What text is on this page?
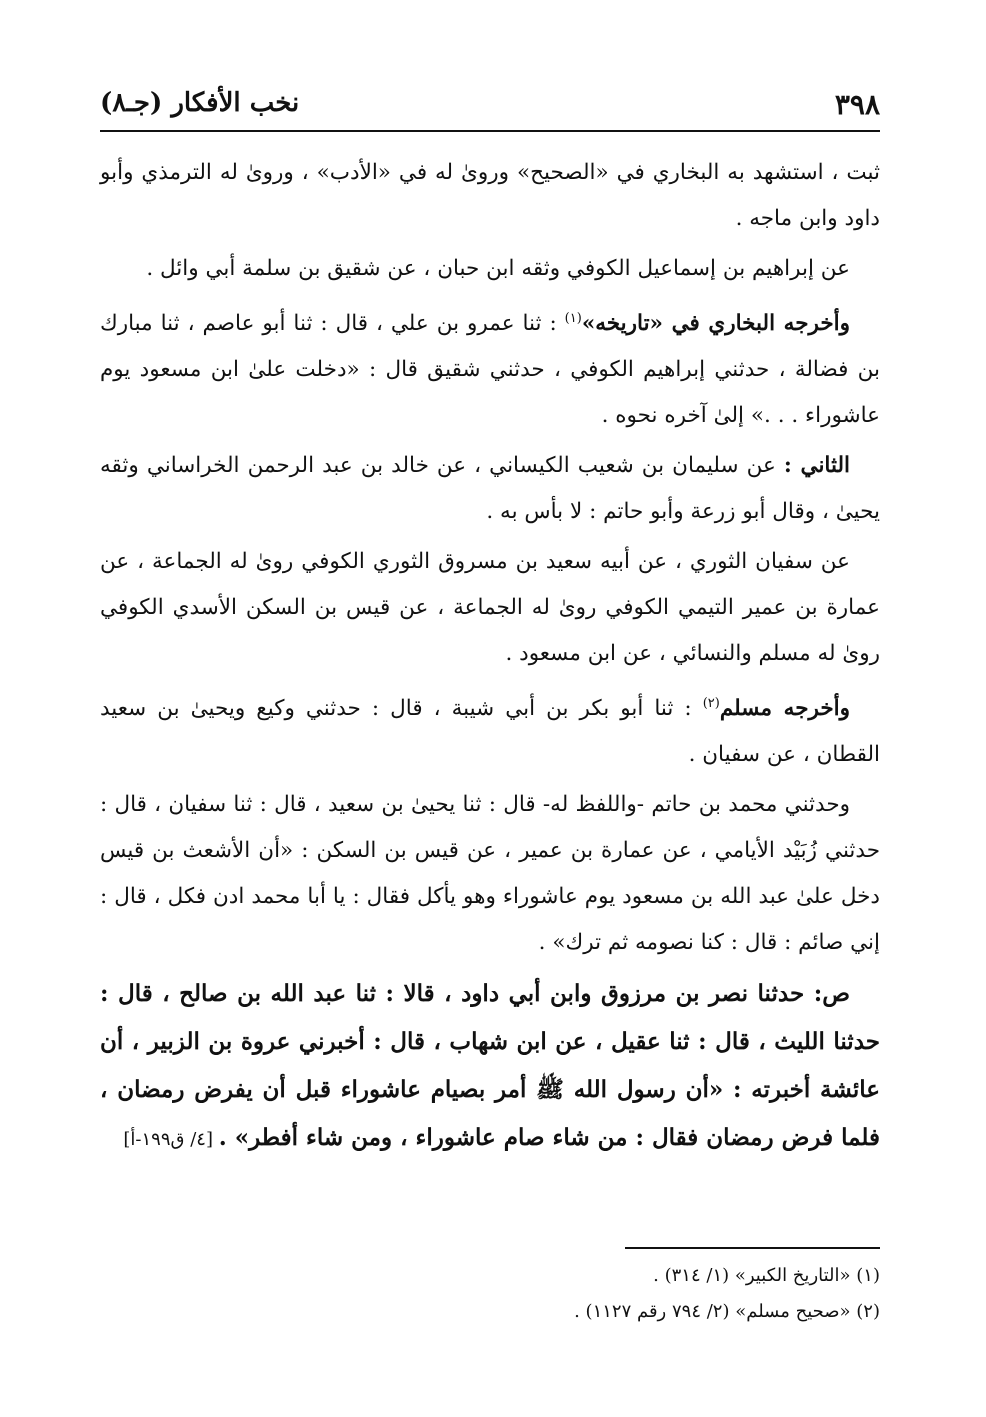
٣٩٨
نخب الأفكار (جـ٨)

ثبت ، استشهد به البخاري في «الصحيح» وروىٰ له في «الأدب» ، وروىٰ له الترمذي وأبو داود وابن ماجه .

عن إبراهيم بن إسماعيل الكوفي وثقه ابن حبان ، عن شقيق بن سلمة أبي وائل .

وأخرجه البخاري في «تاريخه»$^{(١)}$ : ثنا عمرو بن علي ، قال : ثنا أبو عاصم ، ثنا مبارك بن فضالة ، حدثني إبراهيم الكوفي ، حدثني شقيق قال : «دخلت علىٰ ابن مسعود يوم عاشوراء . . .» إلىٰ آخره نحوه .

الثاني : عن سليمان بن شعيب الكيساني ، عن خالد بن عبد الرحمن الخراساني وثقه يحيىٰ ، وقال أبو زرعة وأبو حاتم : لا بأس به .

عن سفيان الثوري ، عن أبيه سعيد بن مسروق الثوري الكوفي روىٰ له الجماعة ، عن عمارة بن عمير التيمي الكوفي روىٰ له الجماعة ، عن قيس بن السكن الأسدي الكوفي روىٰ له مسلم والنسائي ، عن ابن مسعود .

وأخرجه مسلم$^{(٢)}$ : ثنا أبو بكر بن أبي شيبة ، قال : حدثني وكيع ويحيىٰ بن سعيد القطان ، عن سفيان .

وحدثني محمد بن حاتم -واللفظ له- قال : ثنا يحيىٰ بن سعيد ، قال : ثنا سفيان ، قال : حدثني زُبَيْد الأيامي ، عن عمارة بن عمير ، عن قيس بن السكن : «أن الأشعث بن قيس دخل علىٰ عبد الله بن مسعود يوم عاشوراء وهو يأكل فقال : يا أبا محمد ادن فكل ، قال : إني صائم : قال : كنا نصومه ثم ترك» .

ص: حدثنا نصر بن مرزوق وابن أبي داود ، قالا : ثنا عبد الله بن صالح ، قال : حدثنا الليث ، قال : ثنا عقيل ، عن ابن شهاب ، قال : أخبرني عروة بن الزبير ، أن عائشة أخبرته : «أن رسول الله ﷺ أمر بصيام عاشوراء قبل أن يفرض رمضان ، فلما فرض رمضان فقال : من شاء صام عاشوراء ، ومن شاء أفطر» . [٤/ ق١٩٩-أ]

(١) «التاريخ الكبير» (١/ ٣١٤) .

(٢) «صحيح مسلم» (٢/ ٧٩٤ رقم ١١٢٧) .
